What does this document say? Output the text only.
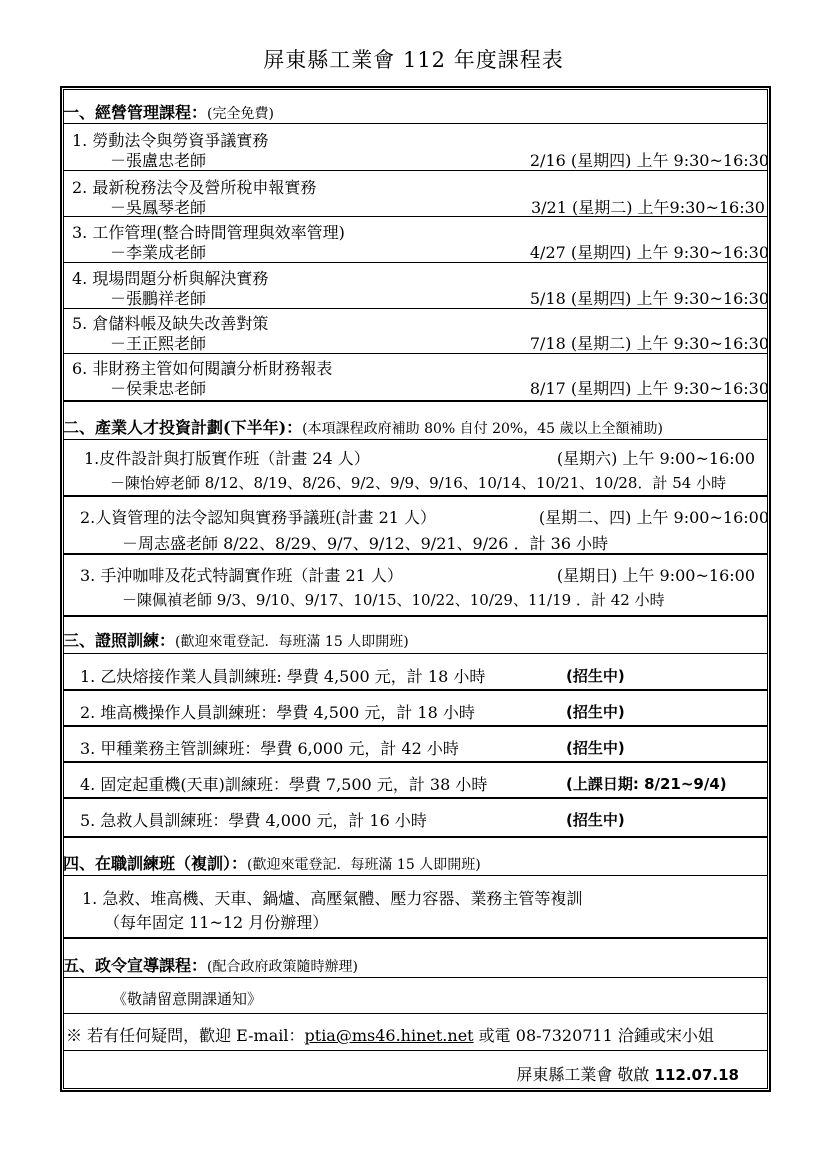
屏東縣工業會 112 年度課程表
一、經營管理課程：(完全免費)
1. 勞動法令與勞資爭議實務
－張盧忠老師	2/16 (星期四) 上午 9:30~16:30
2. 最新稅務法令及營所稅申報實務
－吳鳳琴老師	3/21 (星期二) 上午9:30~16:30
3. 工作管理(整合時間管理與效率管理)
－李業成老師	4/27 (星期四) 上午 9:30~16:30
4. 現場問題分析與解決實務
－張鵬祥老師	5/18 (星期四) 上午 9:30~16:30
5. 倉儲料帳及缺失改善對策
－王正熙老師	7/18 (星期二) 上午 9:30~16:30
6. 非財務主管如何閱讀分析財務報表
－侯秉忠老師	8/17 (星期四) 上午 9:30~16:30
二、產業人才投資計劃(下半年)：(本項課程政府補助 80% 自付 20%，45 歲以上全額補助)
1.皮件設計與打版實作班（計畫 24 人）	(星期六) 上午 9:00~16:00
－陳怡婷老師 8/12、8/19、8/26、9/2、9/9、9/16、10/14、10/21、10/28．計 54 小時
2.人資管理的法令認知與實務爭議班(計畫 21 人）	(星期二、四) 上午 9:00~16:00
－周志盛老師 8/22、8/29、9/7、9/12、9/21、9/26 ．計 36 小時
3. 手沖咖啡及花式特調實作班（計畫 21 人）	(星期日) 上午 9:00~16:00
－陳佩禎老師 9/3、9/10、9/17、10/15、10/22、10/29、11/19 ．計 42 小時
三、證照訓練：(歡迎來電登記．每班滿 15 人即開班)
1. 乙炔熔接作業人員訓練班: 學費 4,500 元，計 18 小時	(招生中)
2. 堆高機操作人員訓練班：學費 4,500 元，計 18 小時	(招生中)
3. 甲種業務主管訓練班：學費 6,000 元，計 42 小時	(招生中)
4. 固定起重機(天車)訓練班：學費 7,500 元，計 38 小時	(上課日期: 8/21~9/4)
5. 急救人員訓練班：學費 4,000 元，計 16 小時	(招生中)
四、在職訓練班（複訓）：(歡迎來電登記．每班滿 15 人即開班)
1. 急救、堆高機、天車、鍋爐、高壓氣體、壓力容器、業務主管等複訓
（每年固定 11~12 月份辦理）
五、政令宣導課程：(配合政府政策隨時辦理)
《敬請留意開課通知》
※ 若有任何疑問，歡迎 E-mail：ptia@ms46.hinet.net 或電 08-7320711 洽鍾或宋小姐
屏東縣工業會 敬啟 112.07.18
